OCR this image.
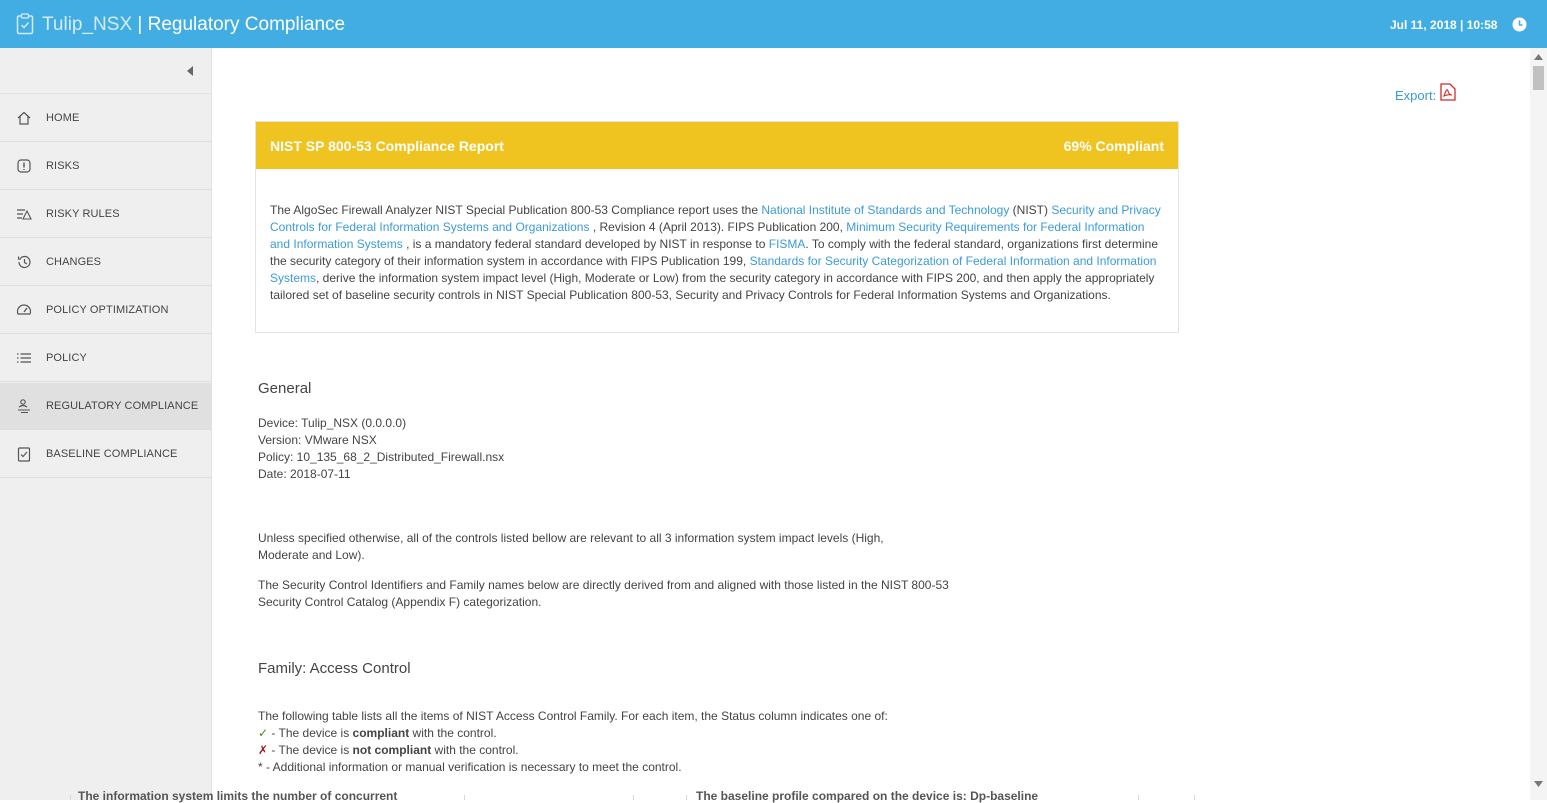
Tulip_NSX | Regulatory Compliance	Jul 11, 2018 | 10:58
HOME
RISKS
RISKY RULES
CHANGES
POLICY OPTIMIZATION
POLICY
REGULATORY COMPLIANCE
BASELINE COMPLIANCE
Export:
NIST SP 800-53 Compliance Report	69% Compliant
The AlgoSec Firewall Analyzer NIST Special Publication 800-53 Compliance report uses the National Institute of Standards and Technology (NIST) Security and Privacy Controls for Federal Information Systems and Organizations , Revision 4 (April 2013). FIPS Publication 200, Minimum Security Requirements for Federal Information and Information Systems , is a mandatory federal standard developed by NIST in response to FISMA. To comply with the federal standard, organizations first determine the security category of their information system in accordance with FIPS Publication 199, Standards for Security Categorization of Federal Information and Information Systems, derive the information system impact level (High, Moderate or Low) from the security category in accordance with FIPS 200, and then apply the appropriately tailored set of baseline security controls in NIST Special Publication 800-53, Security and Privacy Controls for Federal Information Systems and Organizations.
General
Device: Tulip_NSX (0.0.0.0)
Version: VMware NSX
Policy: 10_135_68_2_Distributed_Firewall.nsx
Date: 2018-07-11
Unless specified otherwise, all of the controls listed bellow are relevant to all 3 information system impact levels (High, Moderate and Low).
The Security Control Identifiers and Family names below are directly derived from and aligned with those listed in the NIST 800-53 Security Control Catalog (Appendix F) categorization.
Family: Access Control
The following table lists all the items of NIST Access Control Family. For each item, the Status column indicates one of:
✓ - The device is compliant with the control.
✗ - The device is not compliant with the control.
* - Additional information or manual verification is necessary to meet the control.
The information system limits the number of concurrent	The baseline profile compared on the device is: Dp-baseline
